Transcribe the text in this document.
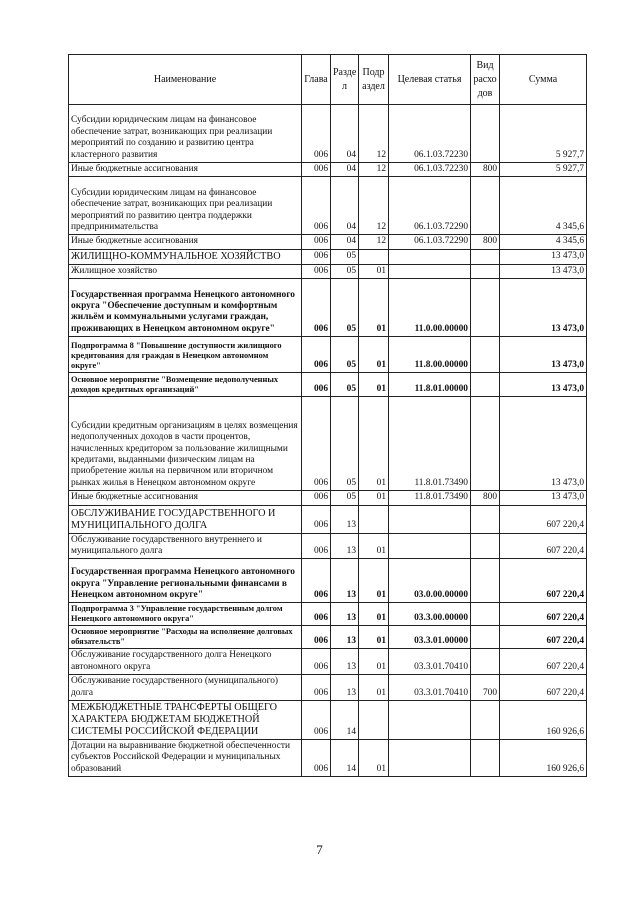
Наименование	Глава	Разде л	Подр аздел	Целевая статья	Вид расхо дов	Сумма
Субсидии юридическим лицам на финансовое обеспечение затрат, возникающих при реализации мероприятий по созданию и развитию центра кластерного развития	006	04	12	06.1.03.72230		5 927,7
Иные бюджетные ассигнования	006	04	12	06.1.03.72230	800	5 927,7
Субсидии юридическим лицам на финансовое обеспечение затрат, возникающих при реализации мероприятий по развитию центра поддержки предпринимательства	006	04	12	06.1.03.72290		4 345,6
Иные бюджетные ассигнования	006	04	12	06.1.03.72290	800	4 345,6
ЖИЛИЩНО-КОММУНАЛЬНОЕ ХОЗЯЙСТВО	006	05				13 473,0
Жилищное хозяйство	006	05	01			13 473,0
Государственная программа Ненецкого автономного округа "Обеспечение доступным и комфортным жильём и коммунальными услугами граждан, проживающих в Ненецком автономном округе"	006	05	01	11.0.00.00000		13 473,0
Подпрограмма 8 "Повышение доступности жилищного кредитования для граждан в Ненецком автономном округе"	006	05	01	11.8.00.00000		13 473,0
Основное мероприятие "Возмещение недополученных доходов кредитных организаций"	006	05	01	11.8.01.00000		13 473,0
Субсидии кредитным организациям в целях возмещения недополученных доходов в части процентов, начисленных кредитором за пользование жилищными кредитами, выданными физическим лицам на приобретение жилья на первичном или вторичном рынках жилья в Ненецком автономном округе	006	05	01	11.8.01.73490		13 473,0
Иные бюджетные ассигнования	006	05	01	11.8.01.73490	800	13 473,0
ОБСЛУЖИВАНИЕ ГОСУДАРСТВЕННОГО И МУНИЦИПАЛЬНОГО ДОЛГА	006	13				607 220,4
Обслуживание государственного внутреннего и муниципального долга	006	13	01			607 220,4
Государственная программа Ненецкого автономного округа "Управление региональными финансами в Ненецком автономном округе"	006	13	01	03.0.00.00000		607 220,4
Подпрограмма 3 "Управление государственным долгом Ненецкого автономного округа"	006	13	01	03.3.00.00000		607 220,4
Основное мероприятие "Расходы на исполнение долговых обязательств"	006	13	01	03.3.01.00000		607 220,4
Обслуживание государственного долга Ненецкого автономного округа	006	13	01	03.3.01.70410		607 220,4
Обслуживание государственного (муниципального) долга	006	13	01	03.3.01.70410	700	607 220,4
МЕЖБЮДЖЕТНЫЕ ТРАНСФЕРТЫ ОБЩЕГО ХАРАКТЕРА БЮДЖЕТАМ БЮДЖЕТНОЙ СИСТЕМЫ РОССИЙСКОЙ ФЕДЕРАЦИИ	006	14				160 926,6
Дотации на выравнивание бюджетной обеспеченности субъектов Российской Федерации и муниципальных образований	006	14	01			160 926,6
7
